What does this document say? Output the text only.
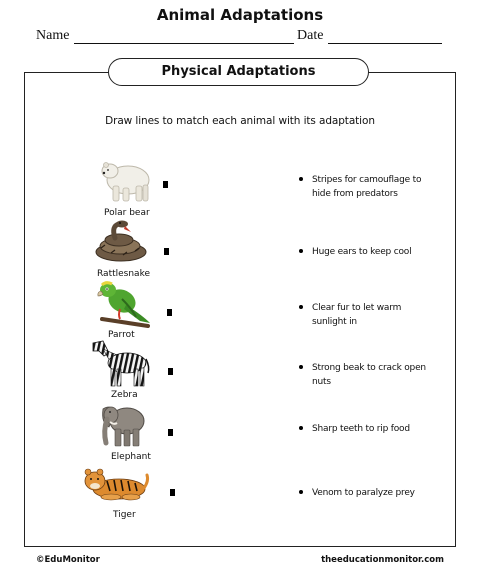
Animal Adaptations
Name	Date
Physical Adaptations
Draw lines to match each animal with its adaptation
Polar bear
Rattlesnake
Parrot
Zebra
Elephant
Tiger
Stripes for camouflage to hide from predators
Huge ears to keep cool
Clear fur to let warm sunlight in
Strong beak to crack open nuts
Sharp teeth to rip food
Venom to paralyze prey
©EduMonitor	theeducationmonitor.com
